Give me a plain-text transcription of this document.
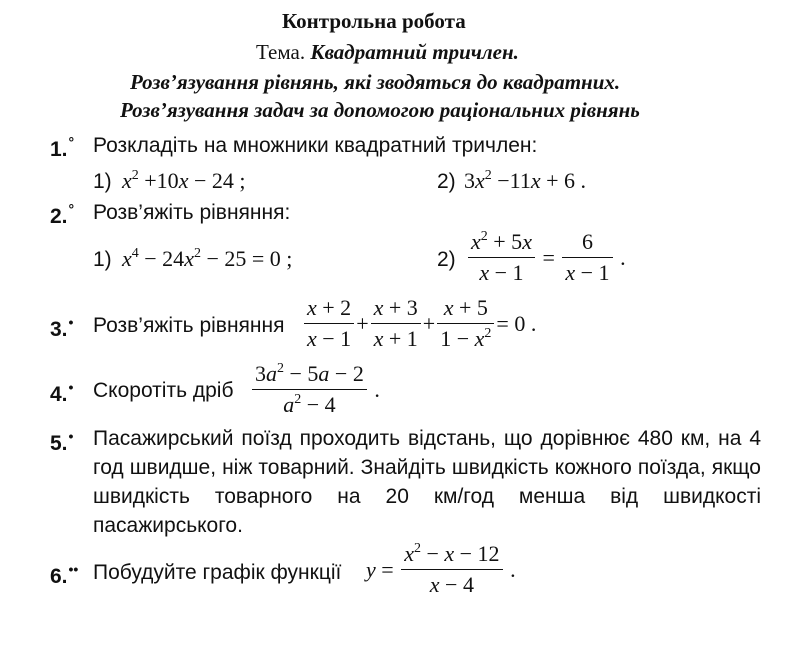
Контрольна робота
Тема. Квадратний тричлен.
Розв’язування рівнянь, які зводяться до квадратних.
Розв’язування задач за допомогою раціональних рівнянь
1.° Розкладіть на множники квадратний тричлен:
1) $x^2 +10x - 24$ ;	2) $3x^2 -11x + 6$ .
2.° Розв’яжіть рівняння:
1) $x^4 - 24x^2 - 25 = 0$ ;	$2) \frac{x^2 + 5x}{x - 1} = \frac{6}{x - 1}$ .
3.• Розв’яжіть рівняння $\frac{x + 2}{x - 1} + \frac{x + 3}{x + 1} + \frac{x + 5}{1 - x^2} = 0$ .
4.• Скоротіть дріб $\frac{3a^2 - 5a - 2}{a^2 - 4}$ .
5.• Пасажирський поїзд проходить відстань, що дорівнює 480 км, на 4 год швидше, ніж товарний. Знайдіть швидкість кожного поїзда, якщо швидкість товарного на 20 км/год менша від швидкості пасажирського.
6.•• Побудуйте графік функції $y = \frac{x^2 - x - 12}{x - 4}$ .
